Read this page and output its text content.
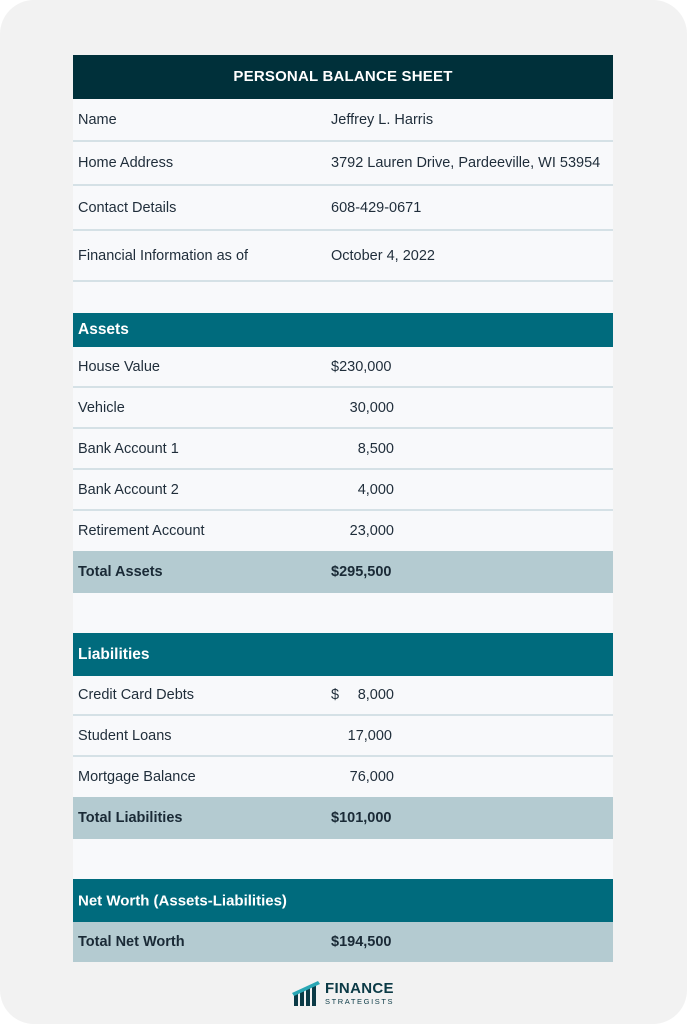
PERSONAL BALANCE SHEET
Name	Jeffrey L. Harris
Home Address	3792 Lauren Drive, Pardeeville, WI 53954
Contact Details	608-429-0671
Financial Information as of	October 4, 2022
Assets
House Value	$230,000
Vehicle	30,000
Bank Account 1	8,500
Bank Account 2	4,000
Retirement Account	23,000
Total Assets	$295,500
Liabilities
Credit Card Debts	$ 8,000
Student Loans	17,000
Mortgage Balance	76,000
Total Liabilities	$101,000
Net Worth (Assets-Liabilities)
Total Net Worth	$194,500
FINANCE
STRATEGISTS
